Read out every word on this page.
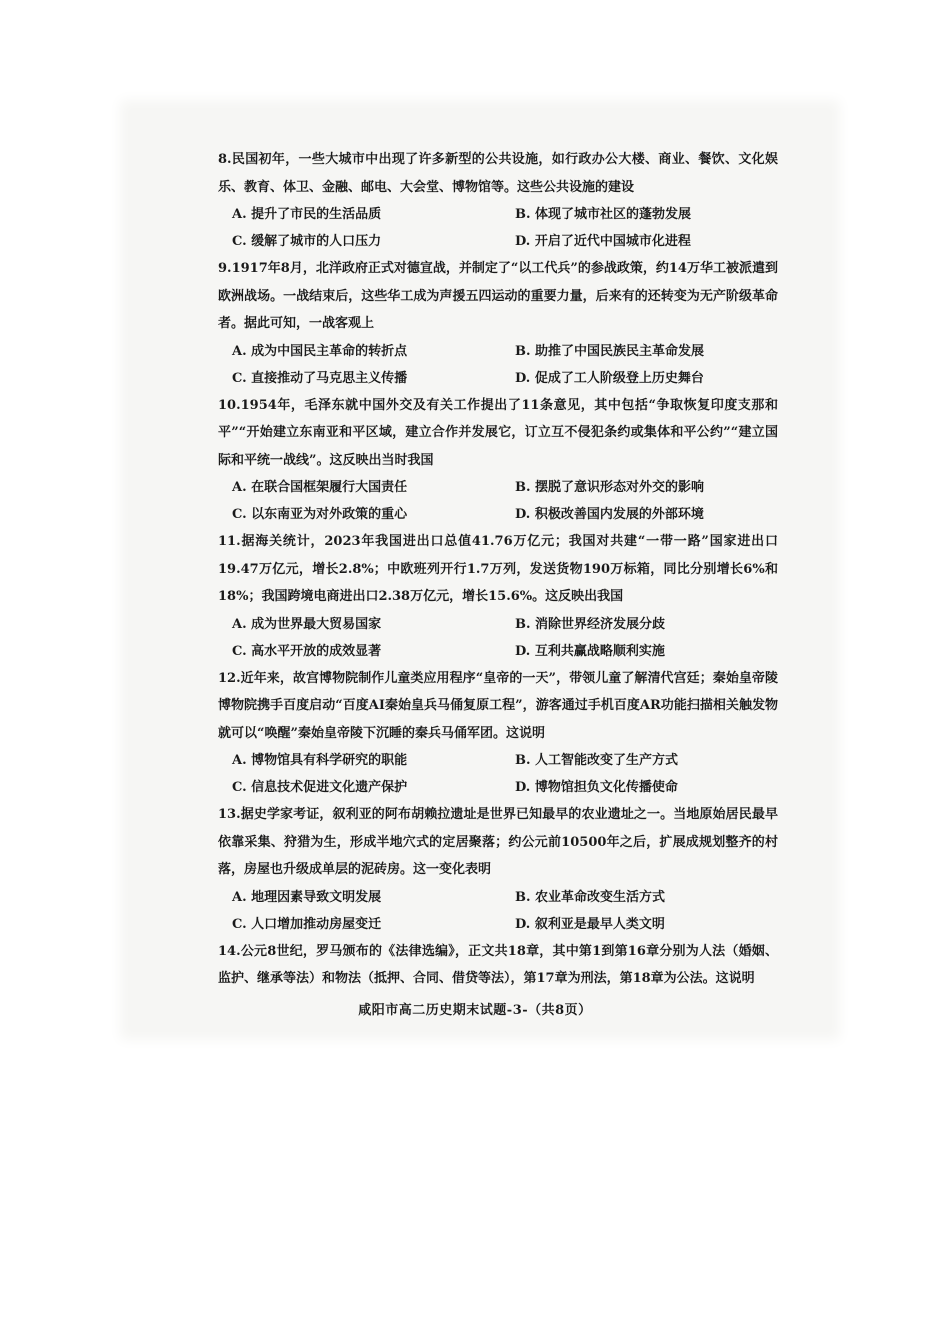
8.民国初年，一些大城市中出现了许多新型的公共设施，如行政办公大楼、商业、餐饮、文化娱乐、教育、体卫、金融、邮电、大会堂、博物馆等。这些公共设施的建设

A. 提升了市民的生活品质	B. 体现了城市社区的蓬勃发展
C. 缓解了城市的人口压力	D. 开启了近代中国城市化进程

9.1917年8月，北洋政府正式对德宣战，并制定了“以工代兵”的参战政策，约14万华工被派遣到欧洲战场。一战结束后，这些华工成为声援五四运动的重要力量，后来有的还转变为无产阶级革命者。据此可知，一战客观上

A. 成为中国民主革命的转折点	B. 助推了中国民族民主革命发展
C. 直接推动了马克思主义传播	D. 促成了工人阶级登上历史舞台

10.1954年，毛泽东就中国外交及有关工作提出了11条意见，其中包括“争取恢复印度支那和平”“开始建立东南亚和平区域，建立合作并发展它，订立互不侵犯条约或集体和平公约”“建立国际和平统一战线”。这反映出当时我国

A. 在联合国框架履行大国责任	B. 摆脱了意识形态对外交的影响
C. 以东南亚为对外政策的重心	D. 积极改善国内发展的外部环境

11.据海关统计，2023年我国进出口总值41.76万亿元；我国对共建“一带一路”国家进出口19.47万亿元，增长2.8%；中欧班列开行1.7万列，发送货物190万标箱，同比分别增长6%和18%；我国跨境电商进出口2.38万亿元，增长15.6%。这反映出我国

A. 成为世界最大贸易国家	B. 消除世界经济发展分歧
C. 高水平开放的成效显著	D. 互利共赢战略顺利实施

12.近年来，故宫博物院制作儿童类应用程序“皇帝的一天”，带领儿童了解清代宫廷；秦始皇帝陵博物院携手百度启动“百度AI秦始皇兵马俑复原工程”，游客通过手机百度AR功能扫描相关触发物就可以“唤醒”秦始皇帝陵下沉睡的秦兵马俑军团。这说明

A. 博物馆具有科学研究的职能	B. 人工智能改变了生产方式
C. 信息技术促进文化遗产保护	D. 博物馆担负文化传播使命

13.据史学家考证，叙利亚的阿布胡赖拉遗址是世界已知最早的农业遗址之一。当地原始居民最早依靠采集、狩猎为生，形成半地穴式的定居聚落；约公元前10500年之后，扩展成规划整齐的村落，房屋也升级成单层的泥砖房。这一变化表明

A. 地理因素导致文明发展	B. 农业革命改变生活方式
C. 人口增加推动房屋变迁	D. 叙利亚是最早人类文明

14.公元8世纪，罗马颁布的《法律选编》，正文共18章，其中第1到第16章分别为人法（婚姻、监护、继承等法）和物法（抵押、合同、借贷等法），第17章为刑法，第18章为公法。这说明

咸阳市高二历史期末试题-3-（共8页）
